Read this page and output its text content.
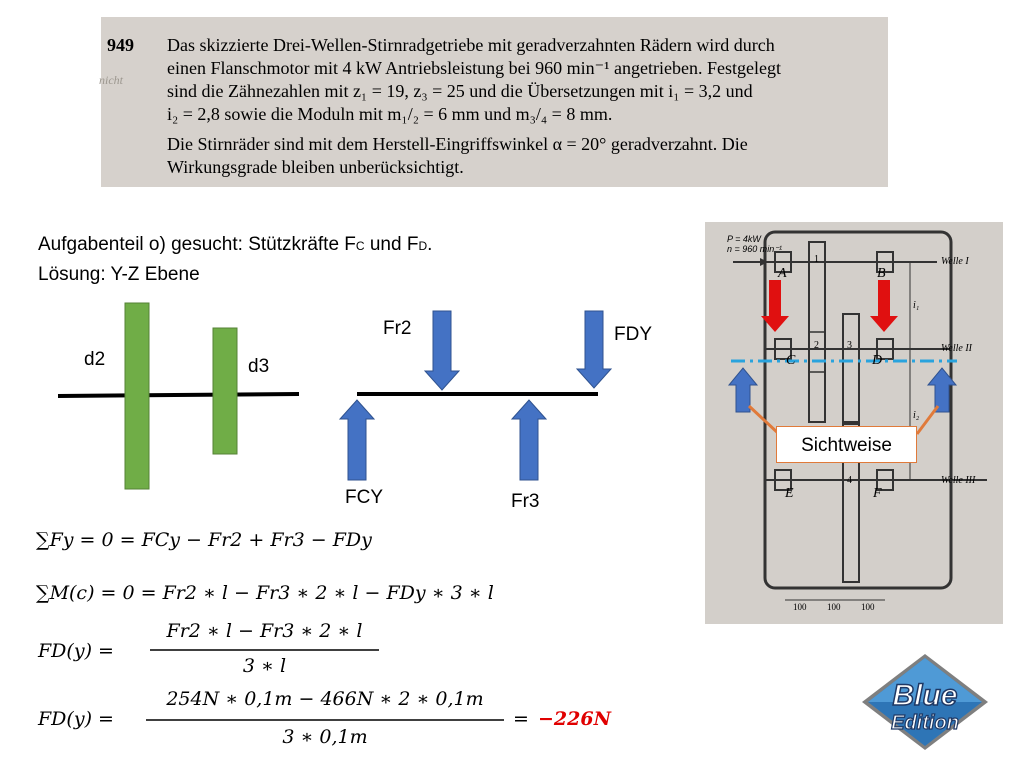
949
nicht
Das skizzierte Drei-Wellen-Stirnradgetriebe mit geradverzahnten Rädern wird durch
einen Flanschmotor mit 4 kW Antriebsleistung bei 960 min⁻¹ angetrieben. Festgelegt
sind die Zähnezahlen mit z₁ = 19, z₃ = 25 und die Übersetzungen mit i₁ = 3,2 und
i₂ = 2,8 sowie die Moduln mit m₁/₂ = 6 mm und m₃/₄ = 8 mm.
Die Stirnräder sind mit dem Herstell-Eingriffswinkel α = 20° geradverzahnt. Die
Wirkungsgrade bleiben unberücksichtigt.
Aufgabenteil o) gesucht: Stützkräfte FC und FD.
Lösung: Y-Z Ebene
d2	d3
Fr2	FDY
FCY	Fr3
∑Fy = 0 = FCy − Fr2 + Fr3 − FDy
∑M(c) = 0 = Fr2 ∗ l − Fr3 ∗ 2 ∗ l − FDy ∗ 3 ∗ l
FD(y) =
Fr2 ∗ l − Fr3 ∗ 2 ∗ l
3 ∗ l
FD(y) =
254N ∗ 0,1m − 466N ∗ 2 ∗ 0,1m
3 ∗ 0,1m
= −226N
P = 4kW
n = 960 min⁻¹
A	B
C	D
E	F
1
2	3
4
Welle I
Welle II
Welle III
i₁
i₂
100 100 100
Sichtweise
Blue
Edition
